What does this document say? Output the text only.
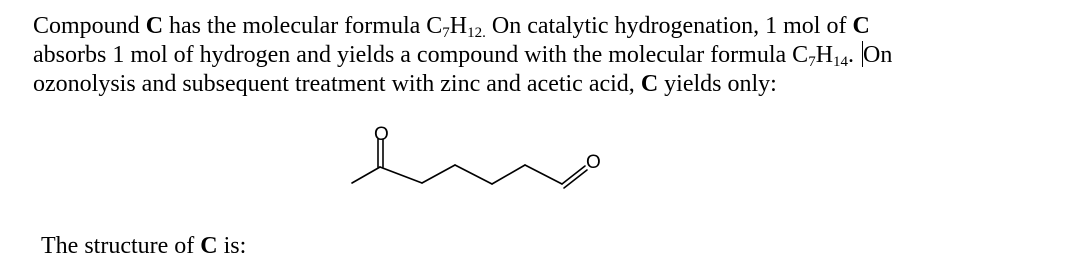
Compound C has the molecular formula $C_7H_{12.}$ On catalytic hydrogenation, 1 mol of C
absorbs 1 mol of hydrogen and yields a compound with the molecular formula $C_7H_{14}$. On
ozonolysis and subsequent treatment with zinc and acetic acid, C yields only:

O
O

The structure of C is:
